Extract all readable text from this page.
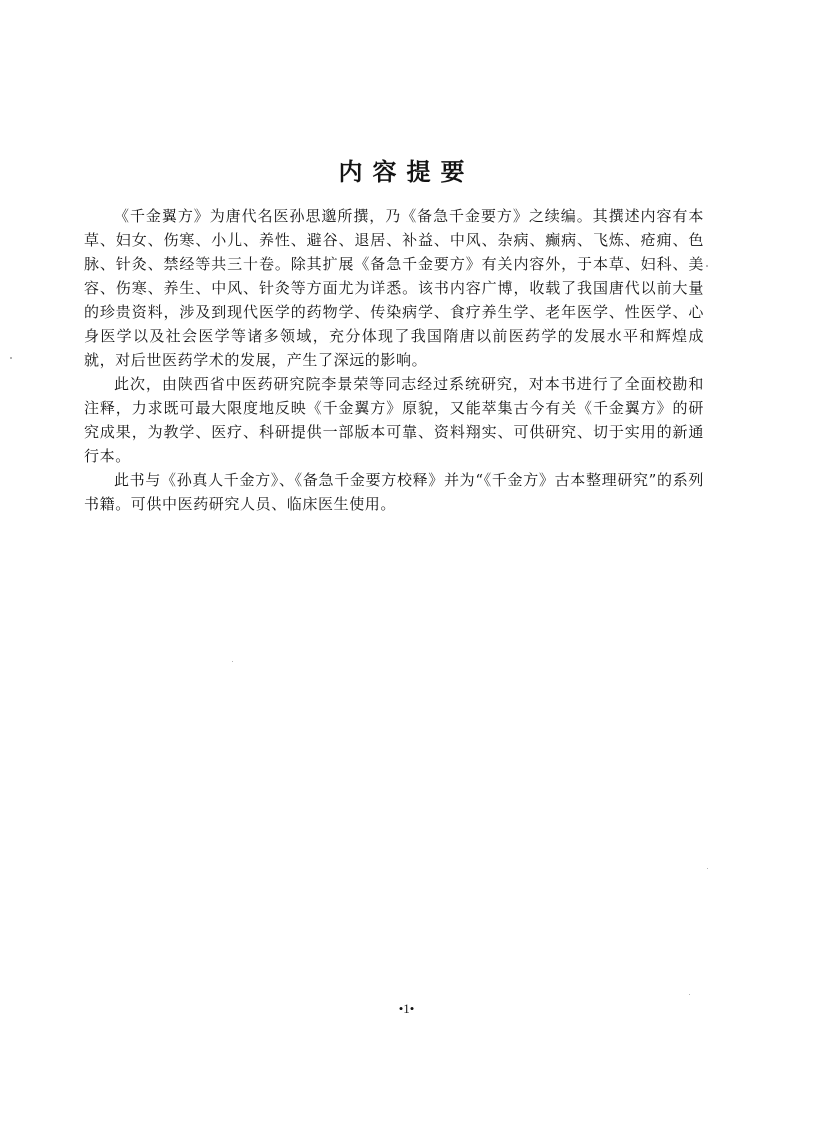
内容提要

《千金翼方》为唐代名医孙思邈所撰，乃《备急千金要方》之续编。其撰述内容有本草、妇女、伤寒、小儿、养性、避谷、退居、补益、中风、杂病、癫病、飞炼、疮痈、色脉、针灸、禁经等共三十卷。除其扩展《备急千金要方》有关内容外，于本草、妇科、美容、伤寒、养生、中风、针灸等方面尤为详悉。该书内容广博，收载了我国唐代以前大量的珍贵资料，涉及到现代医学的药物学、传染病学、食疗养生学、老年医学、性医学、心身医学以及社会医学等诸多领域，充分体现了我国隋唐以前医药学的发展水平和辉煌成就，对后世医药学术的发展，产生了深远的影响。

此次，由陕西省中医药研究院李景荣等同志经过系统研究，对本书进行了全面校勘和注释，力求既可最大限度地反映《千金翼方》原貌，又能萃集古今有关《千金翼方》的研究成果，为教学、医疗、科研提供一部版本可靠、资料翔实、可供研究、切于实用的新通行本。

此书与《孙真人千金方》、《备急千金要方校释》并为“《千金方》古本整理研究”的系列书籍。可供中医药研究人员、临床医生使用。

•1•
